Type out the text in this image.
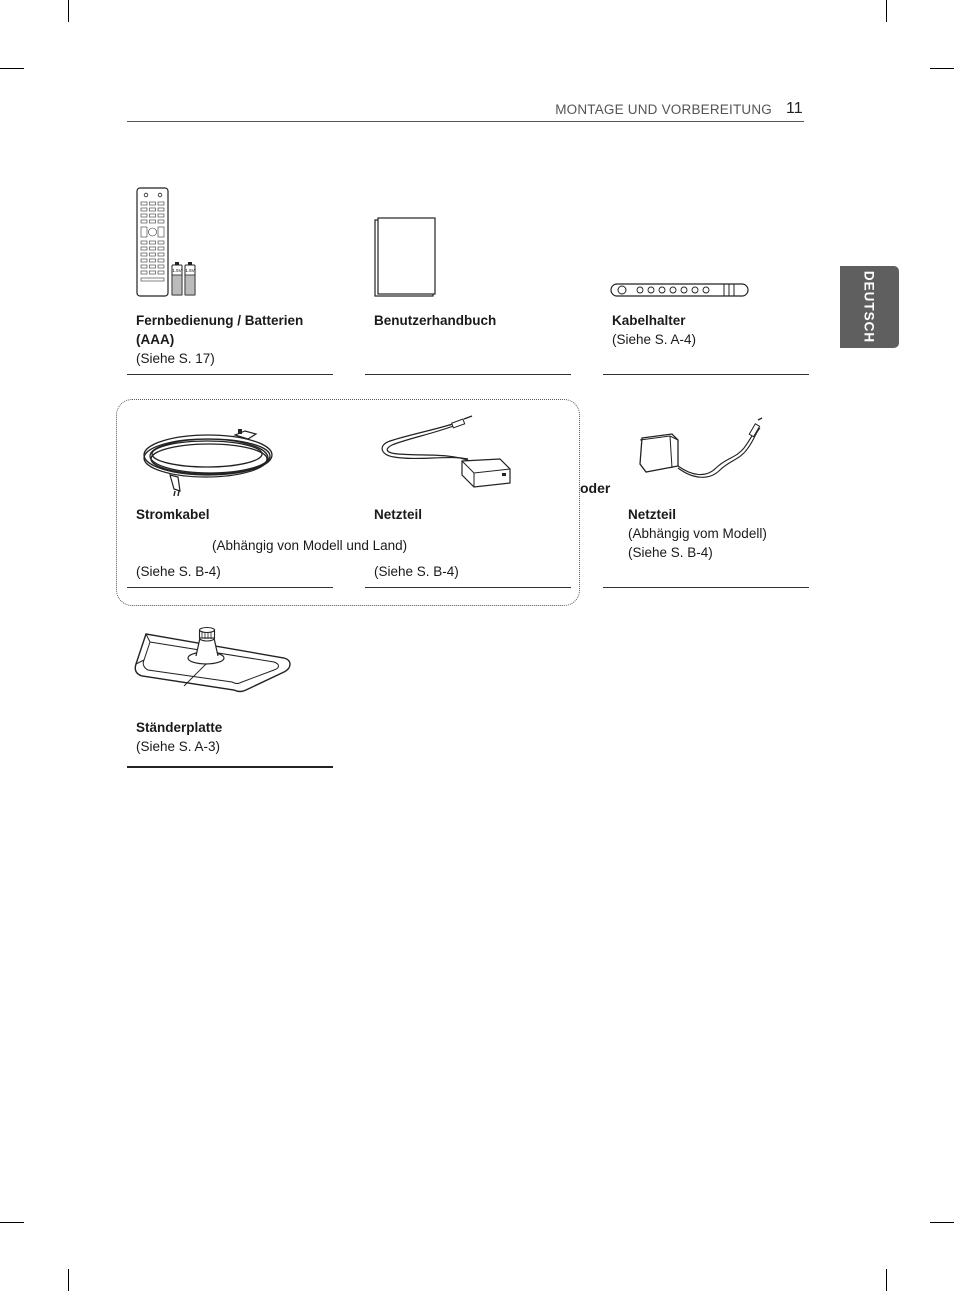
MONTAGE UND VORBEREITUNG 11
DEUTSCH
1.5V 1.5V
Fernbedienung / Batterien
(AAA)
(Siehe S. 17)
Benutzerhandbuch	Kabelhalter
(Siehe S. A-4)
Stromkabel
(Abhängig von Modell und Land)
(Siehe S. B-4)
Netzteil
(Siehe S. B-4)
oder
Netzteil
(Abhängig vom Modell)
(Siehe S. B-4)
Ständerplatte
(Siehe S. A-3)
